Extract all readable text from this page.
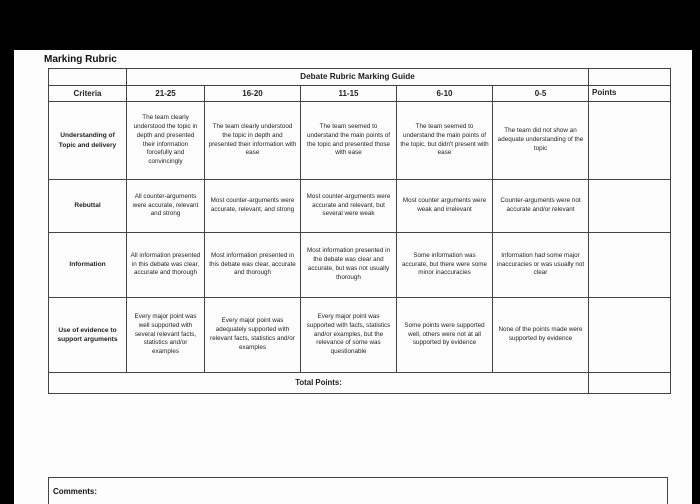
Marking Rubric
	Debate Rubric Marking Guide					
Criteria	21-25	16-20	11-15	6-10	0-5	Points
Understanding of Topic and delivery	The team clearly understood the topic in depth and presented their information forcefully and convincingly	The team clearly understood the topic in depth and presented their information with ease	The team seemed to understand the main points of the topic and presented those with ease	The team seemed to understand the main points of the topic, but didn't present with ease	The team did not show an adequate understanding of the topic	
Rebuttal	All counter-arguments were accurate, relevant and strong	Most counter-arguments were accurate, relevant, and strong	Most counter-arguments were accurate and relevant, but several were weak	Most counter arguments were weak and irrelevant	Counter-arguments were not accurate and/or relevant	
Information	All information presented in this debate was clear, accurate and thorough	Most information presented in this debate was clear, accurate and thorough	Most information presented in the debate was clear and accurate, but was not usually thorough	Some information was accurate, but there were some minor inaccuracies	Information had some major inaccuracies or was usually not clear	
Use of evidence to support arguments	Every major point was well supported with several relevant facts, statistics and/or examples	Every major point was adequately supported with relevant facts, statistics and/or examples	Every major point was supported with facts, statistics and/or examples, but the relevance of some was questionable	Some points were supported well, others were not at all supported by evidence	None of the points made were supported by evidence	
Total Points:						
Comments:
